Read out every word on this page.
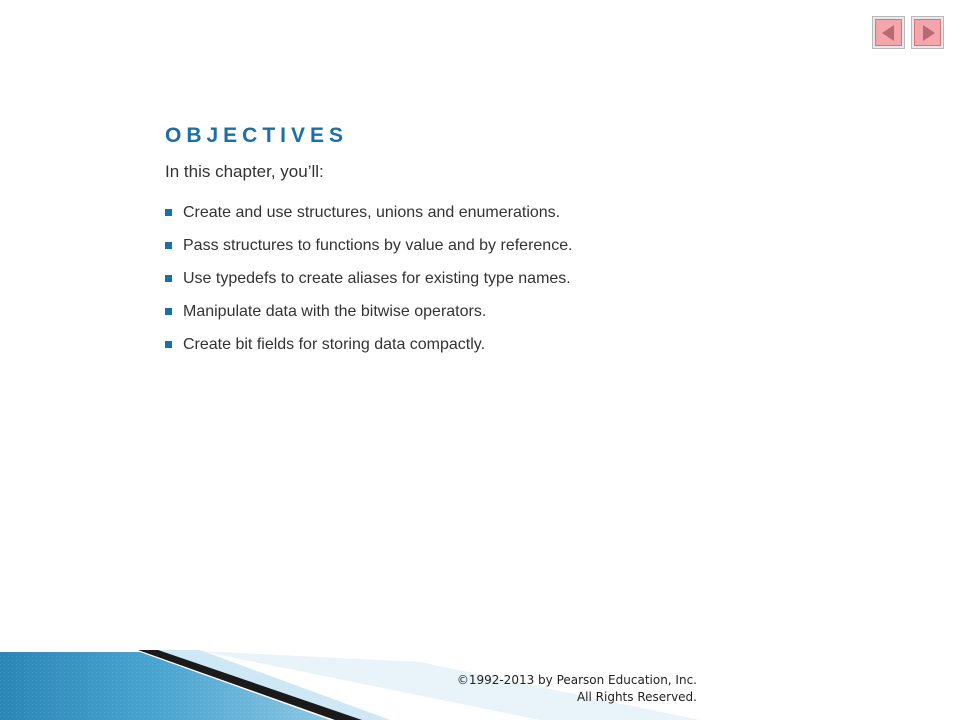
OBJECTIVES

In this chapter, you’ll:

Create and use structures, unions and enumerations.
Pass structures to functions by value and by reference.
Use typedefs to create aliases for existing type names.
Manipulate data with the bitwise operators.
Create bit fields for storing data compactly.

©1992-2013 by Pearson Education, Inc.
All Rights Reserved.
